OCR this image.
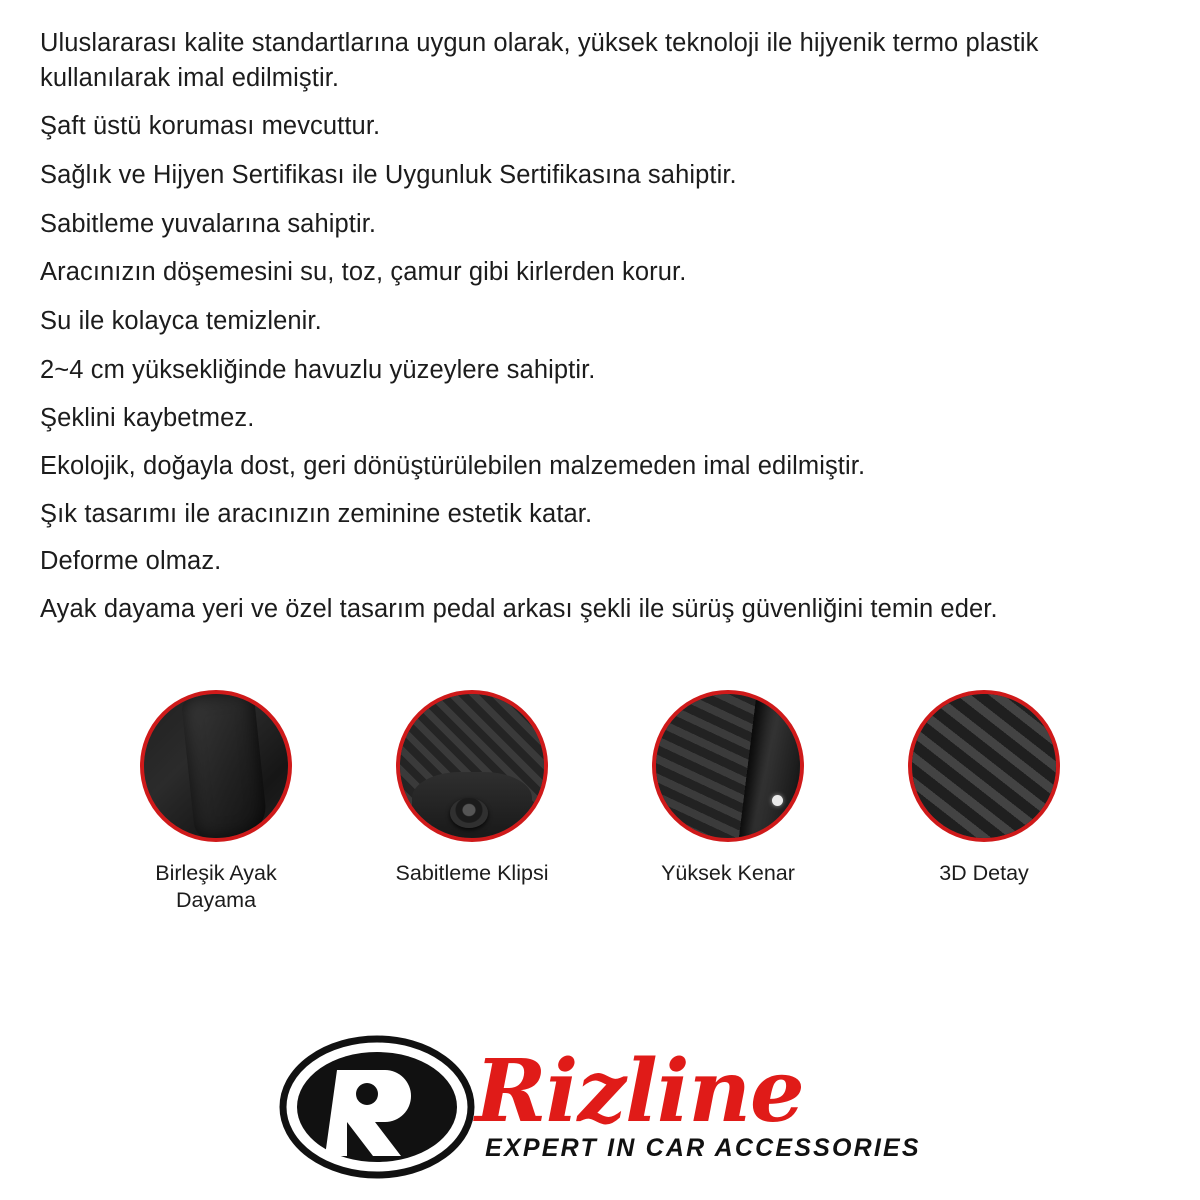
Uluslararası kalite standartlarına uygun olarak, yüksek teknoloji ile hijyenik termo plastik kullanılarak imal edilmiştir.

Şaft üstü koruması mevcuttur.

Sağlık ve Hijyen Sertifikası ile Uygunluk Sertifikasına sahiptir.

Sabitleme yuvalarına sahiptir.

Aracınızın döşemesini su, toz, çamur gibi kirlerden korur.

Su ile kolayca temizlenir.

2~4 cm yüksekliğinde havuzlu yüzeylere sahiptir.

Şeklini kaybetmez.

Ekolojik, doğayla dost, geri dönüştürülebilen malzemeden imal edilmiştir.

Şık tasarımı ile aracınızın zeminine estetik katar.

Deforme olmaz.

Ayak dayama yeri ve özel tasarım pedal arkası şekli ile sürüş güvenliğini temin eder.

Birleşik Ayak Dayama
Sabitleme Klipsi	Yüksek Kenar	3D Detay
Rizline
EXPERT IN CAR ACCESSORIES
